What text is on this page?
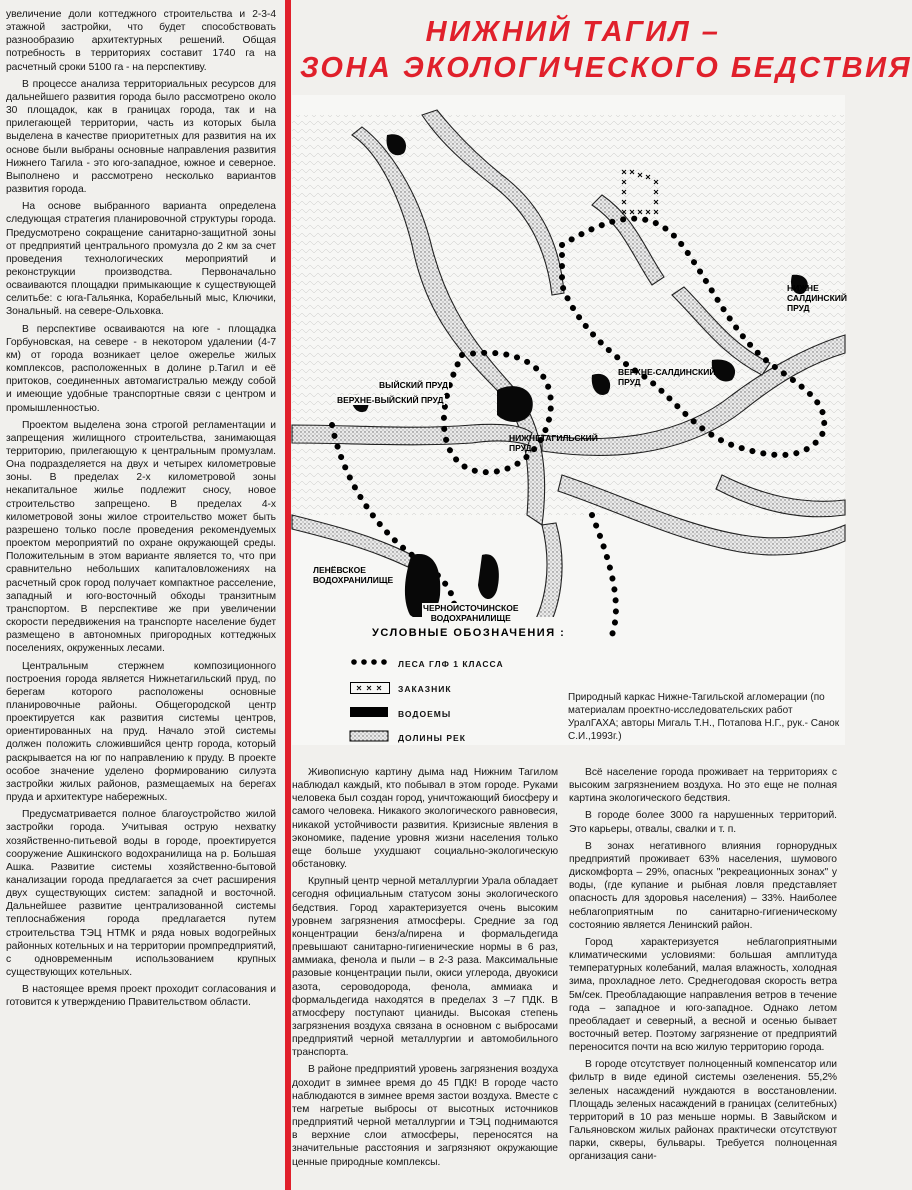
увеличение доли коттеджного строительства и 2-3-4 этажной застройки, что будет способствовать разнообразию архитектурных решений. Общая потребность в территориях составит 1740 га на расчетный сроки 5100 га - на перспективу.

В процессе анализа территориальных ресурсов для дальнейшего развития города было рассмотрено около 30 площадок, как в границах города, так и на прилегающей территории, часть из которых была выделена в качестве приоритетных для развития на их основе были выбраны основные направления развития Нижнего Тагила - это юго-западное, южное и северное. Выполнено и рассмотрено несколько вариантов развития города.

На основе выбранного варианта определена следующая стратегия планировочной структуры города. Предусмотрено сокращение санитарно-защитной зоны от предприятий центрального промузла до 2 км за счет проведения технологических мероприятий и реконструкции производства. Первоначально осваиваются площадки примыкающие к существующей селитьбе: с юга-Гальянка, Корабельный мыс, Ключики, Зональный. на севере-Ольховка.

В перспективе осваиваются на юге - площадка Горбуновская, на севере - в некотором удалении (4-7 км) от города возникает целое ожерелье жилых комплексов, расположенных в долине р.Тагил и её притоков, соединенных автомагистралью между собой и имеющие удобные транспортные связи с центром и промышленностью.

Проектом выделена зона строгой регламентации и запрещения жилищного строительства, занимающая территорию, прилегающую к центральным промузлам. Она подразделяется на двух и четырех километровые зоны. В пределах 2-х километровой зоны некапитальное жилье подлежит сносу, новое строительство запрещено. В пределах 4-х километровой зоны жилое строительство может быть разрешено только после проведения рекомендуемых проектом мероприятий по охране окружающей среды. Положительным в этом варианте является то, что при сравнительно небольших капиталовложениях на расчетный срок город получает компактное расселение, западный и юго-восточный обходы транзитным транспортом. В перспективе же при увеличении скорости передвижения на транспорте население будет размещено в автономных пригородных коттеджных поселениях, окруженных лесами.

Центральным стержнем композиционного построения города является Нижнетагильский пруд, по берегам которого расположены основные планировочные районы. Общегородской центр проектируется как развития системы центров, ориентированных на пруд. Начало этой системы должен положить сложившийся центр города, который раскрывается на юг по направлению к пруду. В проекте особое значение уделено формированию силуэта застройки жилых районов, размещаемых на берегах пруда и архитектуре набережных.

Предусматривается полное благоустройство жилой застройки города. Учитывая острую нехватку хозяйственно-питьевой воды в городе, проектируется сооружение Ашкинского водохранилища на р. Большая Ашка. Развитие системы хозяйственно-бытовой канализации города предлагается за счет расширения двух существующих систем: западной и восточной. Дальнейшее развитие централизованной системы теплоснабжения города предлагается путем строительства ТЭЦ НТМК и ряда новых водогрейных районных котельных и на территории промпредприятий, с одновременным использованием крупных существующих котельных.

В настоящее время проект проходит согласования и готовится к утверждению Правительством области.

НИЖНИЙ ТАГИЛ –
ЗОНА ЭКОЛОГИЧЕСКОГО БЕДСТВИЯ
НИЖНЕ
САЛДИНСКИЙ
ПРУД
ВЕРХНЕ-САЛДИНСКИЙ
ПРУД
ВЫЙСКИЙ ПРУД
ВЕРХНЕ-ВЫЙСКИЙ ПРУД
НИЖНЕТАГИЛЬСКИЙ
ПРУД
ЛЕНЁВСКОЕ
ВОДОХРАНИЛИЩЕ
ЧЕРНОИСТОЧИНСКОЕ
ВОДОХРАНИЛИЩЕ
УСЛОВНЫЕ ОБОЗНАЧЕНИЯ :
ЛЕСА ГЛФ 1 КЛАССА
ЗАКАЗНИК
ВОДОЕМЫ
ДОЛИНЫ РЕК
Природный каркас Нижне-Тагильской агломерации (по материалам проектно-исследовательских работ УралГАХА; авторы Мигаль Т.Н., Потапова Н.Г., рук.- Санок С.И.,1993г.)

Живописную картину дыма над Нижним Тагилом наблюдал каждый, кто побывал в этом городе. Руками человека был создан город, уничтожающий биосферу и самого человека. Никакого экологического равновесия, никакой устойчивости развития. Кризисные явления в экономике, падение уровня жизни населения только еще больше ухудшают социально-экологическую обстановку.

Крупный центр черной металлургии Урала обладает сегодня официальным статусом зоны экологического бедствия. Город характеризуется очень высоким уровнем загрязнения атмосферы. Средние за год концентрации бенз/а/пирена и формальдегида превышают санитарно-гигиенические нормы в 6 раз, аммиака, фенола и пыли – в 2-3 раза. Максимальные разовые концентрации пыли, окиси углерода, двуокиси азота, сероводорода, фенола, аммиака и формальдегида находятся в пределах 3 –7 ПДК. В атмосферу поступают цианиды. Высокая степень загрязнения воздуха связана в основном с выбросами предприятий черной металлургии и автомобильного транспорта.

В районе предприятий уровень загрязнения воздуха доходит в зимнее время до 45 ПДК! В городе часто наблюдаются в зимнее время застои воздуха. Вместе с тем нагретые выбросы от высотных источников предприятий черной металлургии и ТЭЦ поднимаются в верхние слои атмосферы, переносятся на значительные расстояния и загрязняют окружающие ценные природные комплексы.

Всё население города проживает на территориях с высоким загрязнением воздуха. Но это еще не полная картина экологического бедствия.

В городе более 3000 га нарушенных территорий. Это карьеры, отвалы, свалки и т. п.

В зонах негативного влияния горнорудных предприятий проживает 63% населения, шумового дискомфорта – 29%, опасных "рекреационных зонах" у воды, (где купание и рыбная ловля представляет опасность для здоровья населения) – 33%. Наиболее неблагоприятным по санитарно-гигиеническому состоянию является Ленинский район.

Город характеризуется неблагоприятными климатическими условиями: большая амплитуда температурных колебаний, малая влажность, холодная зима, прохладное лето. Среднегодовая скорость ветра 5м/сек. Преобладающие направления ветров в течение года – западное и юго-западное. Однако летом преобладает и северный, а весной и осенью бывает восточный ветер. Поэтому загрязнение от предприятий переносится почти на всю жилую территорию города.

В городе отсутствует полноценный компенсатор или фильтр в виде единой системы озеленения. 55,2% зеленых насаждений нуждаются в восстановлении. Площадь зеленых насаждений в границах (селитебных) территорий в 10 раз меньше нормы. В Завыйском и Гальяновском жилых районах практически отсутствуют парки, скверы, бульвары. Требуется полноценная организация сани-
